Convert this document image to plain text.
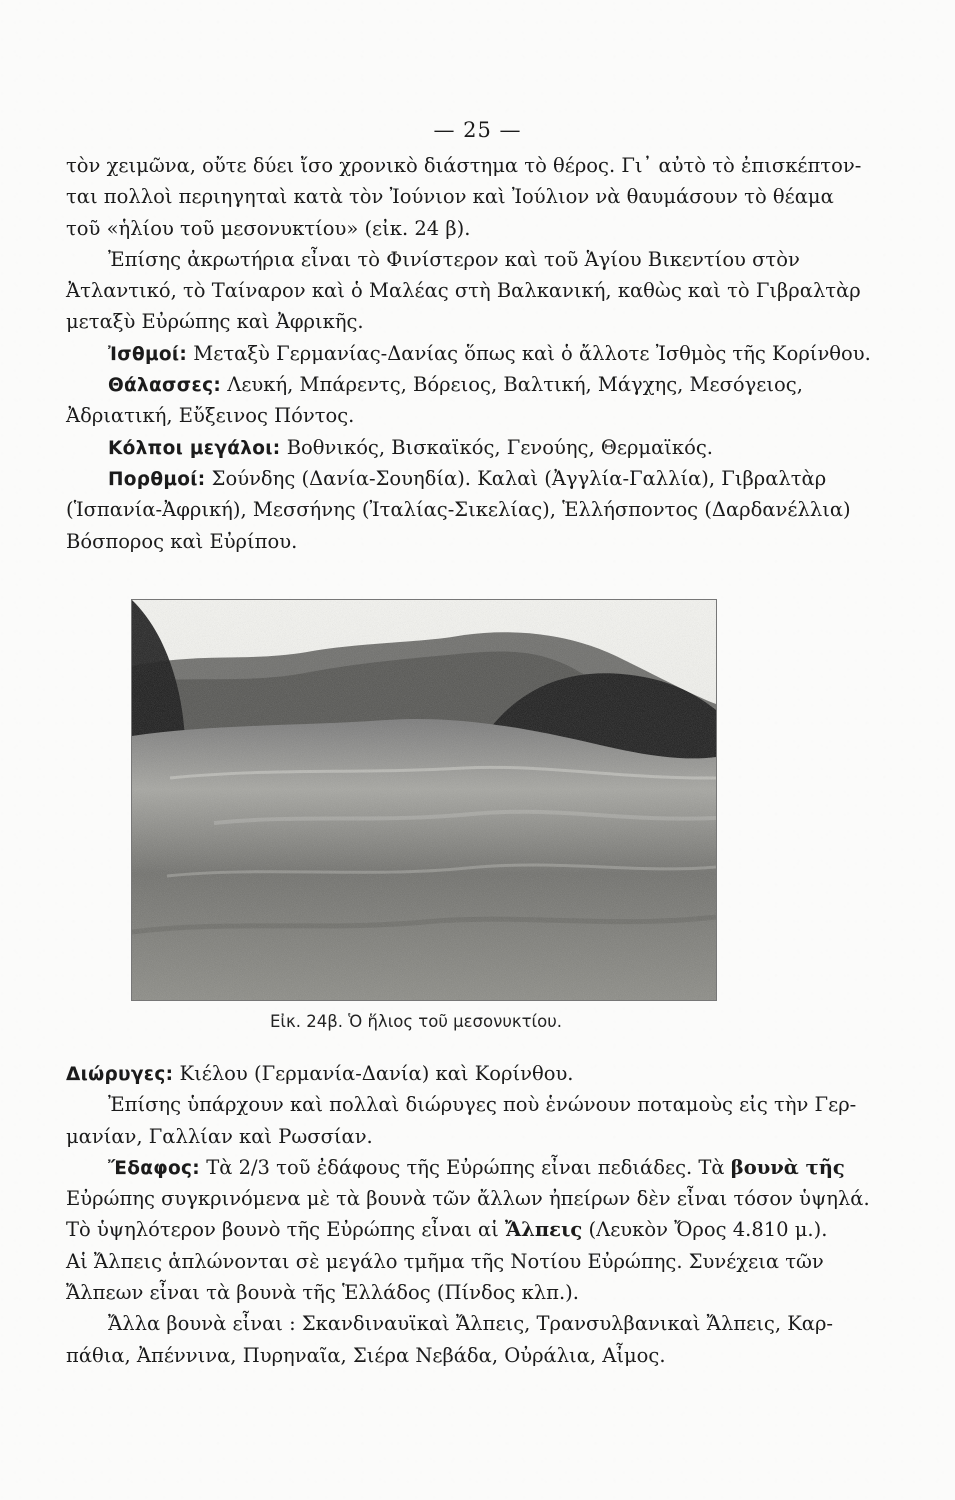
— 25 —
τὸν χειμῶνα, οὔτε δύει ἴσο χρονικὸ διάστημα τὸ θέρος. Γι᾿ αὐτὸ τὸ ἐπισκέπτον-
ται πολλοὶ περιηγηταὶ κατὰ τὸν Ἰούνιον καὶ Ἰούλιον νὰ θαυμάσουν τὸ θέαμα
τοῦ «ἡλίου τοῦ μεσονυκτίου» (εἰκ. 24 β).
Ἐπίσης ἀκρωτήρια εἶναι τὸ Φινίστερον καὶ τοῦ Ἁγίου Βικεντίου στὸν
Ἀτλαντικό, τὸ Ταίναρον καὶ ὁ Μαλέας στὴ Βαλκανική, καθὼς καὶ τὸ Γιβραλτὰρ
μεταξὺ Εὐρώπης καὶ Ἀφρικῆς.
Ἰσθμοί: Μεταξὺ Γερμανίας-Δανίας ὅπως καὶ ὁ ἄλλοτε Ἰσθμὸς τῆς Κορίνθου.
Θάλασσες: Λευκή, Μπάρεντς, Βόρειος, Βαλτική, Μάγχης, Μεσόγειος,
Ἀδριατική, Εὔξεινος Πόντος.
Κόλποι μεγάλοι: Βοθνικός, Βισκαϊκός, Γενούης, Θερμαϊκός.
Πορθμοί: Σούνδης (Δανία-Σουηδία). Καλαὶ (Ἀγγλία-Γαλλία), Γιβραλτὰρ
(Ἱσπανία-Ἀφρική), Μεσσήνης (Ἰταλίας-Σικελίας), Ἑλλήσποντος (Δαρδανέλλια)
Βόσπορος καὶ Εὐρίπου.
Εἰκ. 24β. Ὁ ἥλιος τοῦ μεσονυκτίου.
Διώρυγες: Κιέλου (Γερμανία-Δανία) καὶ Κορίνθου.
Ἐπίσης ὑπάρχουν καὶ πολλαὶ διώρυγες ποὺ ἑνώνουν ποταμοὺς εἰς τὴν Γερ-
μανίαν, Γαλλίαν καὶ Ρωσσίαν.
Ἔδαφος: Τὰ 2/3 τοῦ ἐδάφους τῆς Εὐρώπης εἶναι πεδιάδες. Τὰ βουνὰ τῆς
Εὐρώπης συγκρινόμενα μὲ τὰ βουνὰ τῶν ἄλλων ἠπείρων δὲν εἶναι τόσον ὑψηλά.
Τὸ ὑψηλότερον βουνὸ τῆς Εὐρώπης εἶναι αἱ Ἄλπεις (Λευκὸν Ὄρος 4.810 μ.).
Αἱ Ἄλπεις ἁπλώνονται σὲ μεγάλο τμῆμα τῆς Νοτίου Εὐρώπης. Συνέχεια τῶν
Ἄλπεων εἶναι τὰ βουνὰ τῆς Ἑλλάδος (Πίνδος κλπ.).
Ἄλλα βουνὰ εἶναι : Σκανδιναυϊκαὶ Ἄλπεις, Τρανσυλβανικαὶ Ἄλπεις, Καρ-
πάθια, Ἀπέννινα, Πυρηναῖα, Σιέρα Νεβάδα, Οὐράλια, Αἶμος.
